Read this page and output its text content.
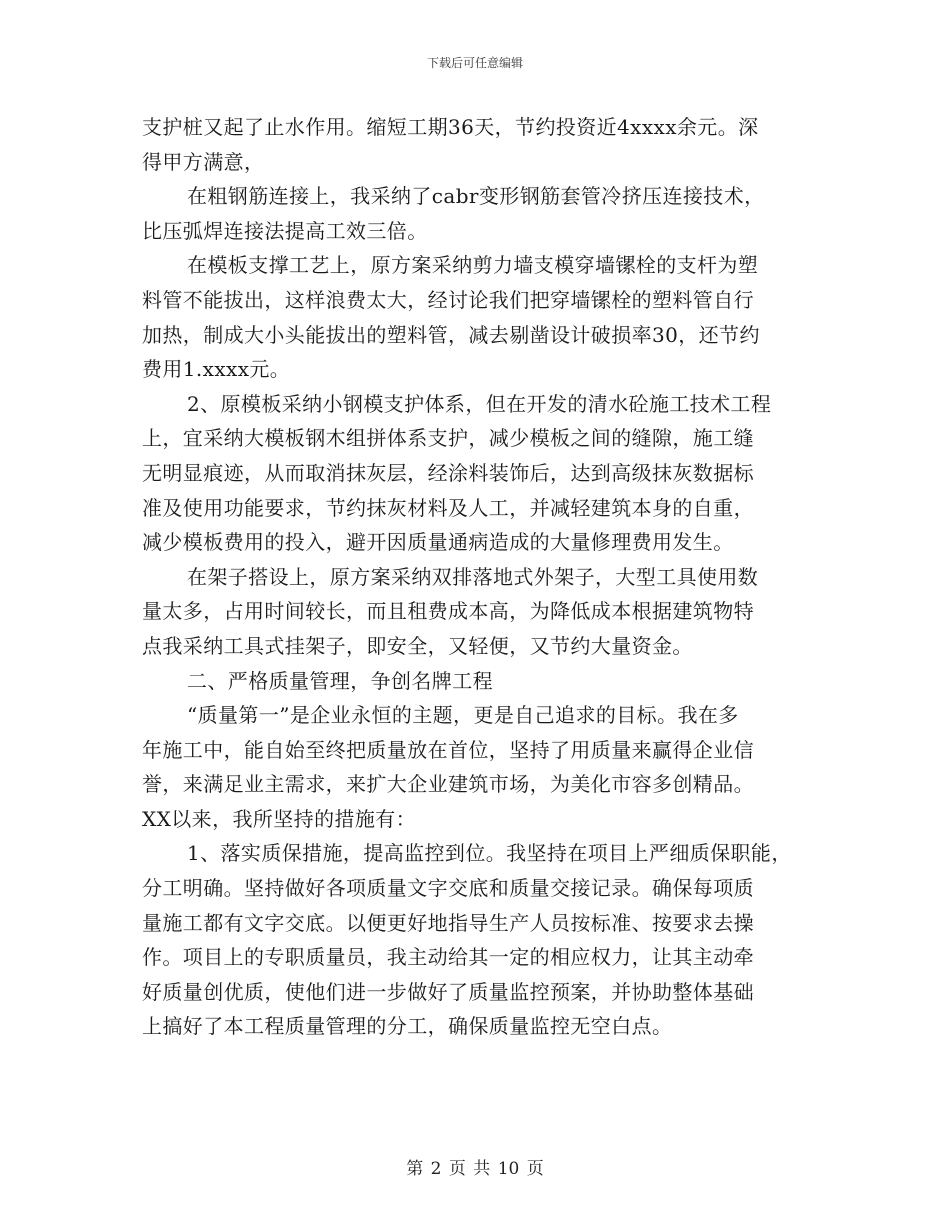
下载后可任意编辑
支护桩又起了止水作用。缩短工期36天，节约投资近4xxxx余元。深
得甲方满意，
在粗钢筋连接上，我采纳了cabr变形钢筋套管冷挤压连接技术，
比压弧焊连接法提高工效三倍。
在模板支撑工艺上，原方案采纳剪力墙支模穿墙镙栓的支杆为塑
料管不能拔出，这样浪费太大，经讨论我们把穿墙镙栓的塑料管自行
加热，制成大小头能拔出的塑料管，减去剔凿设计破损率30，还节约
费用1.xxxx元。
2、原模板采纳小钢模支护体系，但在开发的清水砼施工技术工程
上，宜采纳大模板钢木组拼体系支护，减少模板之间的缝隙，施工缝
无明显痕迹，从而取消抹灰层，经涂料装饰后，达到高级抹灰数据标
准及使用功能要求，节约抹灰材料及人工，并减轻建筑本身的自重，
减少模板费用的投入，避开因质量通病造成的大量修理费用发生。
在架子搭设上，原方案采纳双排落地式外架子，大型工具使用数
量太多，占用时间较长，而且租费成本高，为降低成本根据建筑物特
点我采纳工具式挂架子，即安全，又轻便，又节约大量资金。
二、严格质量管理，争创名牌工程
“质量第一”是企业永恒的主题，更是自己追求的目标。我在多
年施工中，能自始至终把质量放在首位，坚持了用质量来赢得企业信
誉，来满足业主需求，来扩大企业建筑市场，为美化市容多创精品。
XX以来，我所坚持的措施有：
1、落实质保措施，提高监控到位。我坚持在项目上严细质保职能，
分工明确。坚持做好各项质量文字交底和质量交接记录。确保每项质
量施工都有文字交底。以便更好地指导生产人员按标准、按要求去操
作。项目上的专职质量员，我主动给其一定的相应权力，让其主动牵
好质量创优质，使他们进一步做好了质量监控预案，并协助整体基础
上搞好了本工程质量管理的分工，确保质量监控无空白点。
第 2 页 共 10 页
